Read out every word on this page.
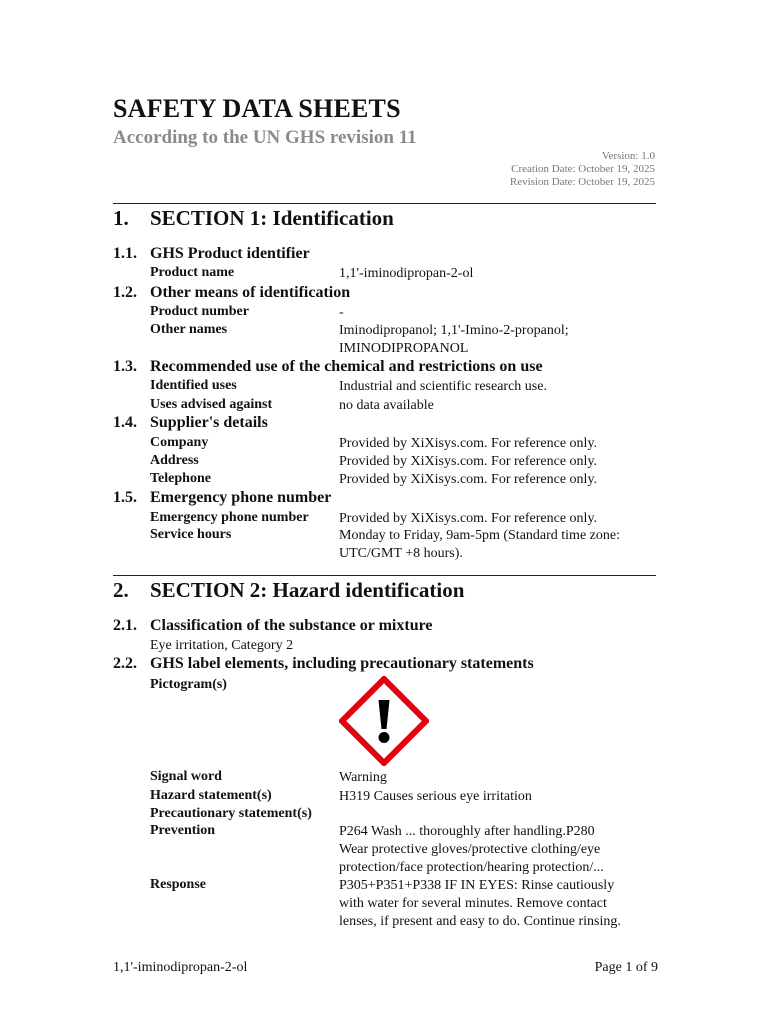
SAFETY DATA SHEETS
According to the UN GHS revision 11
Version: 1.0
Creation Date: October 19, 2025
Revision Date: October 19, 2025
1. SECTION 1: Identification
1.1. GHS Product identifier
Product name	1,1'-iminodipropan-2-ol
1.2. Other means of identification
Product number	-
Other names	Iminodipropanol; 1,1'-Imino-2-propanol;
IMINODIPROPANOL
1.3. Recommended use of the chemical and restrictions on use
Identified uses	Industrial and scientific research use.
Uses advised against	no data available
1.4. Supplier's details
Company	Provided by XiXisys.com. For reference only.
Address	Provided by XiXisys.com. For reference only.
Telephone	Provided by XiXisys.com. For reference only.
1.5. Emergency phone number
Emergency phone number Provided by XiXisys.com. For reference only.
Service hours	Monday to Friday, 9am-5pm (Standard time zone:
UTC/GMT +8 hours).
2. SECTION 2: Hazard identification
2.1. Classification of the substance or mixture
Eye irritation, Category 2
2.2. GHS label elements, including precautionary statements
Pictogram(s)
Signal word	Warning
Hazard statement(s)	H319 Causes serious eye irritation
Precautionary statement(s)
Prevention	P264 Wash ... thoroughly after handling.P280
Wear protective gloves/protective clothing/eye
protection/face protection/hearing protection/...
Response	P305+P351+P338 IF IN EYES: Rinse cautiously
with water for several minutes. Remove contact
lenses, if present and easy to do. Continue rinsing.
1,1'-iminodipropan-2-ol	Page 1 of 9
